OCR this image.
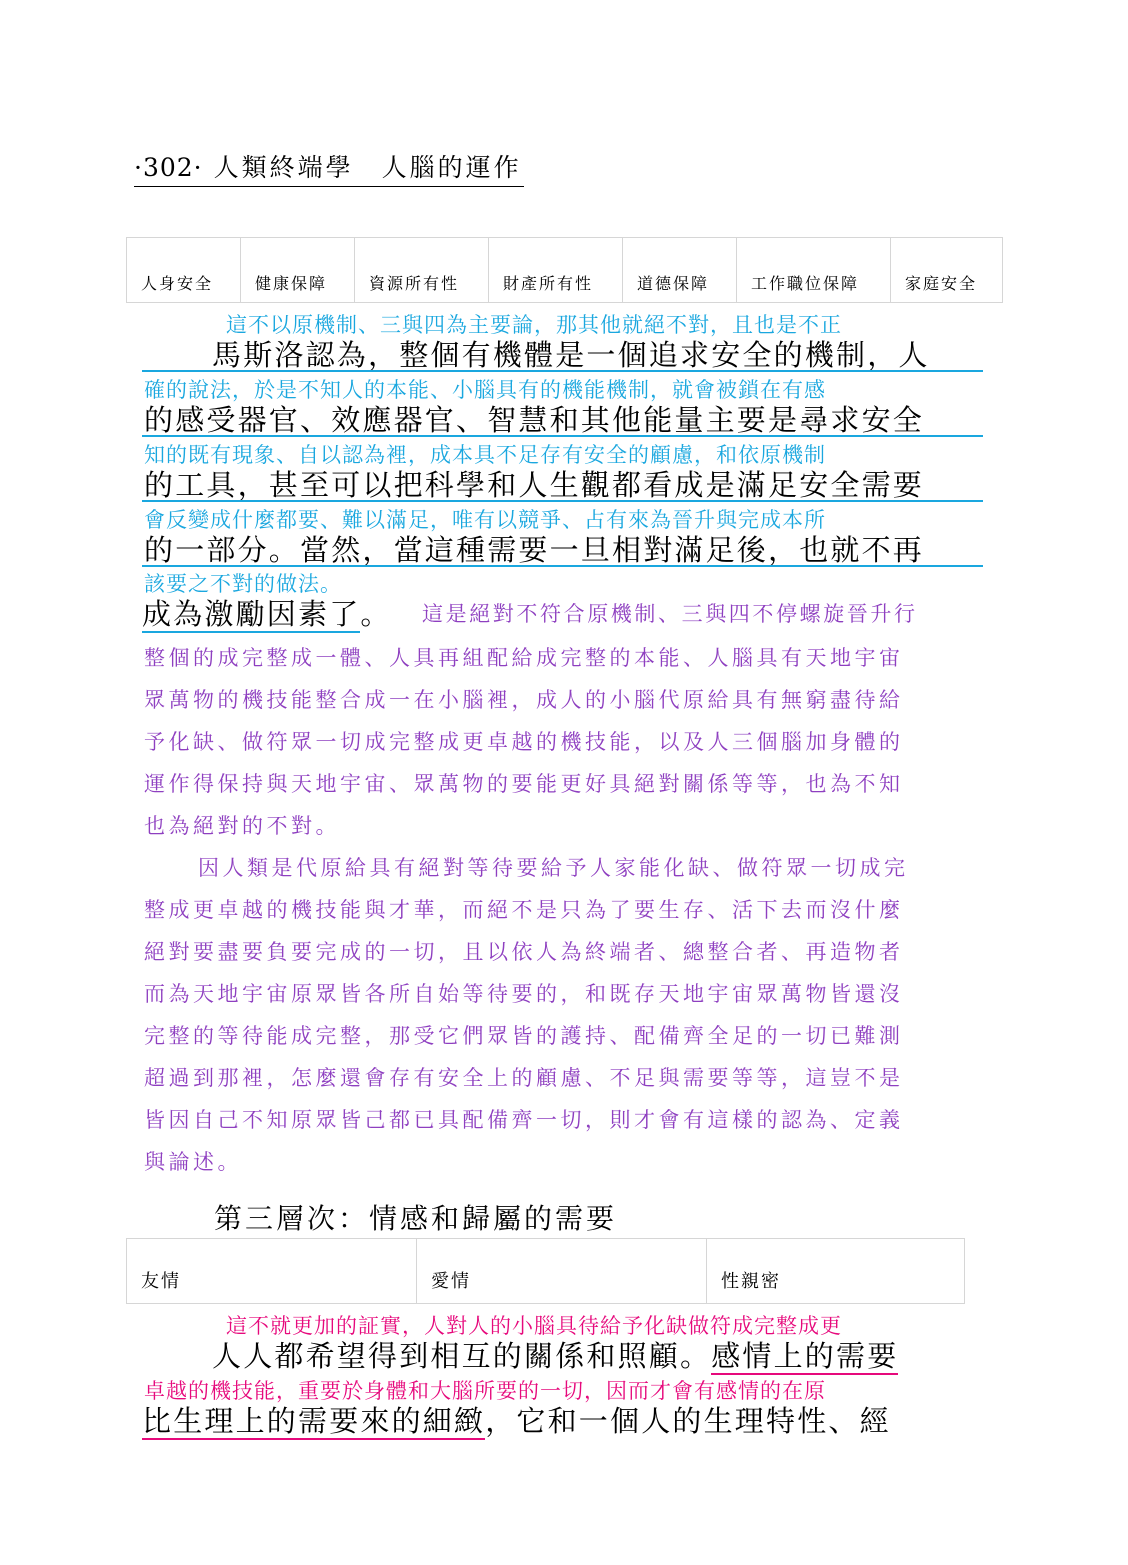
·302· 人類終端學　人腦的運作
人身安全	健康保障	資源所有性	財產所有性	道德保障	工作職位保障	家庭安全
這不以原機制、三與四為主要論，那其他就絕不對，且也是不正
馬斯洛認為，整個有機體是一個追求安全的機制，人
確的說法，於是不知人的本能、小腦具有的機能機制，就會被鎖在有感
的感受器官、效應器官、智慧和其他能量主要是尋求安全
知的既有現象、自以認為裡，成本具不足存有安全的顧慮，和依原機制
的工具，甚至可以把科學和人生觀都看成是滿足安全需要
會反變成什麼都要、難以滿足，唯有以競爭、占有來為晉升與完成本所
的一部分。當然，當這種需要一旦相對滿足後，也就不再
該要之不對的做法。
成為激勵因素了。 這是絕對不符合原機制、三與四不停螺旋晉升行
整個的成完整成一體、人具再組配給成完整的本能、人腦具有天地宇宙
眾萬物的機技能整合成一在小腦裡，成人的小腦代原給具有無窮盡待給
予化缺、做符眾一切成完整成更卓越的機技能，以及人三個腦加身體的
運作得保持與天地宇宙、眾萬物的要能更好具絕對關係等等，也為不知
也為絕對的不對。
因人類是代原給具有絕對等待要給予人家能化缺、做符眾一切成完
整成更卓越的機技能與才華，而絕不是只為了要生存、活下去而沒什麼
絕對要盡要負要完成的一切，且以依人為終端者、總整合者、再造物者
而為天地宇宙原眾皆各所自始等待要的，和既存天地宇宙眾萬物皆還沒
完整的等待能成完整，那受它們眾皆的護持、配備齊全足的一切已難測
超過到那裡，怎麼還會存有安全上的顧慮、不足與需要等等，這豈不是
皆因自己不知原眾皆己都已具配備齊一切，則才會有這樣的認為、定義
與論述。
第三層次：情感和歸屬的需要
友情	愛情	性親密
這不就更加的証實，人對人的小腦具待給予化缺做符成完整成更
人人都希望得到相互的關係和照顧。感情上的需要
卓越的機技能，重要於身體和大腦所要的一切，因而才會有感情的在原
比生理上的需要來的細緻，它和一個人的生理特性、經
